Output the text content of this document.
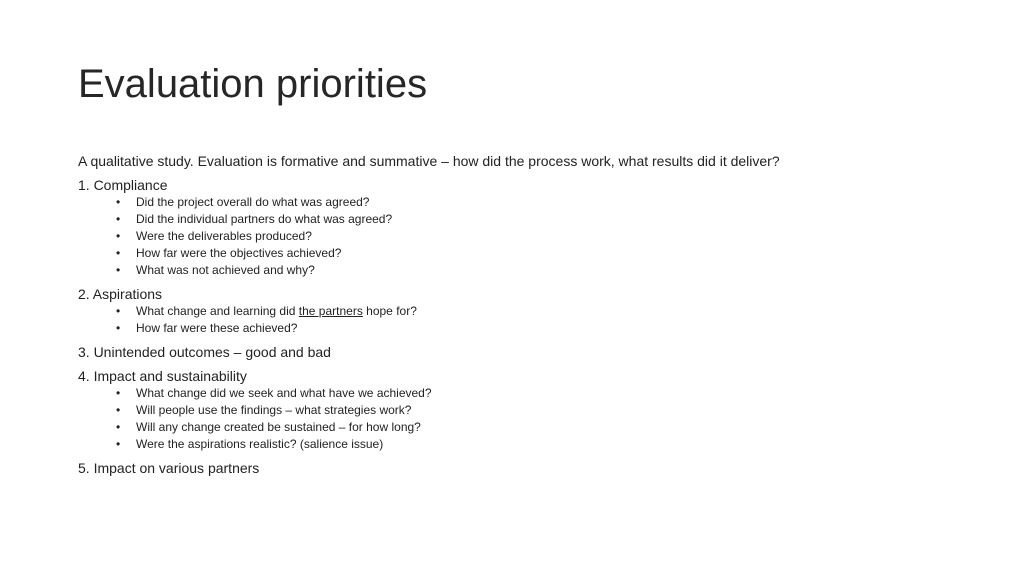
Evaluation priorities

A qualitative study. Evaluation is formative and summative – how did the process work, what results did it deliver?

1. Compliance

• Did the project overall do what was agreed?
• Did the individual partners do what was agreed?
• Were the deliverables produced?
• How far were the objectives achieved?
• What was not achieved and why?

2. Aspirations

• What change and learning did the partners hope for?
• How far were these achieved?

3. Unintended outcomes – good and bad

4. Impact and sustainability

• What change did we seek and what have we achieved?
• Will people use the findings – what strategies work?
• Will any change created be sustained – for how long?
• Were the aspirations realistic? (salience issue)

5. Impact on various partners
